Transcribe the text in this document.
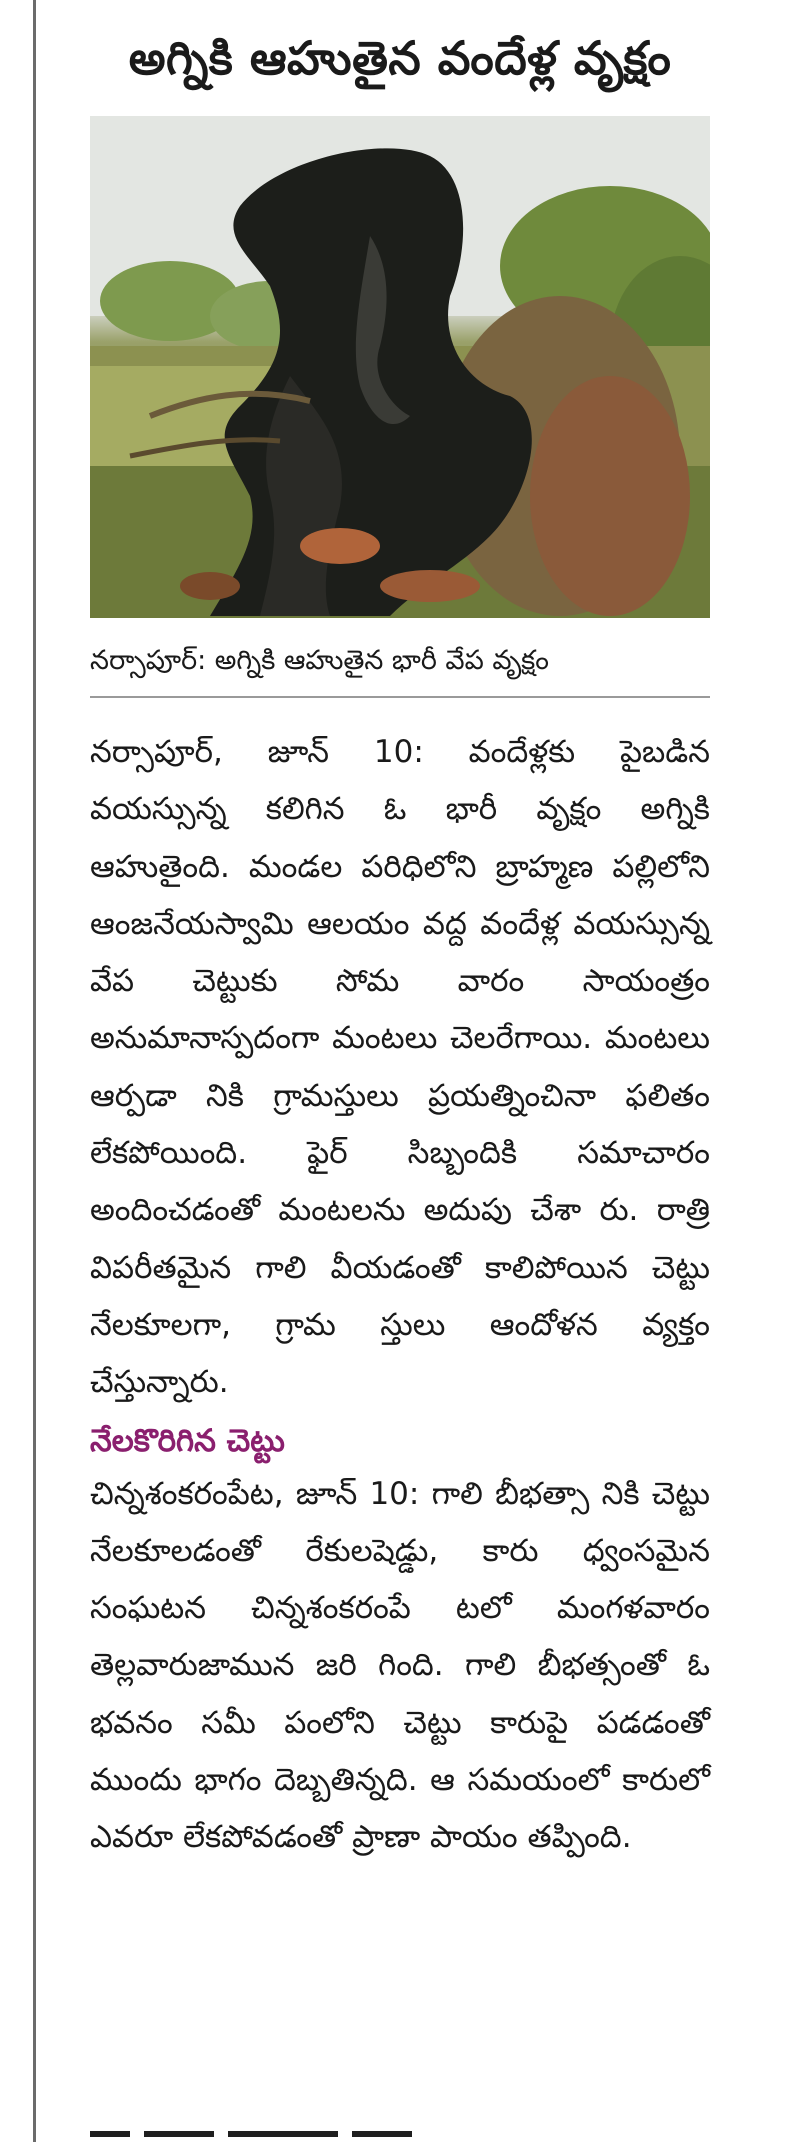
అగ్నికి ఆహుతైన వందేళ్ల వృక్షం
నర్సాపూర్: అగ్నికి ఆహుతైన భారీ వేప వృక్షం

నర్సాపూర్, జూన్ 10: వందేళ్లకు పైబడిన వయస్సున్న కలిగిన ఓ భారీ వృక్షం అగ్నికి ఆహుతైంది. మండల పరిధిలోని బ్రాహ్మణ పల్లిలోని ఆంజనేయస్వామి ఆలయం వద్ద వందేళ్ల వయస్సున్న వేప చెట్టుకు సోమ వారం సాయంత్రం అనుమానాస్పదంగా మంటలు చెలరేగాయి. మంటలు ఆర్పడా నికి గ్రామస్తులు ప్రయత్నించినా ఫలితం లేకపోయింది. ఫైర్ సిబ్బందికి సమాచారం అందించడంతో మంటలను అదుపు చేశా రు. రాత్రి విపరీతమైన గాలి వీయడంతో కాలిపోయిన చెట్టు నేలకూలగా, గ్రామ స్తులు ఆందోళన వ్యక్తం చేస్తున్నారు.

నేలకొరిగిన చెట్టు

చిన్నశంకరంపేట, జూన్ 10: గాలి బీభత్సా నికి చెట్టు నేలకూలడంతో రేకులషెడ్డు, కారు ధ్వంసమైన సంఘటన చిన్నశంకరంపే టలో మంగళవారం తెల్లవారుజామున జరి గింది. గాలి బీభత్సంతో ఓ భవనం సమీ పంలోని చెట్టు కారుపై పడడంతో ముందు భాగం దెబ్బతిన్నది. ఆ సమయంలో కారులో ఎవరూ లేకపోవడంతో ప్రాణా పాయం తప్పింది.
